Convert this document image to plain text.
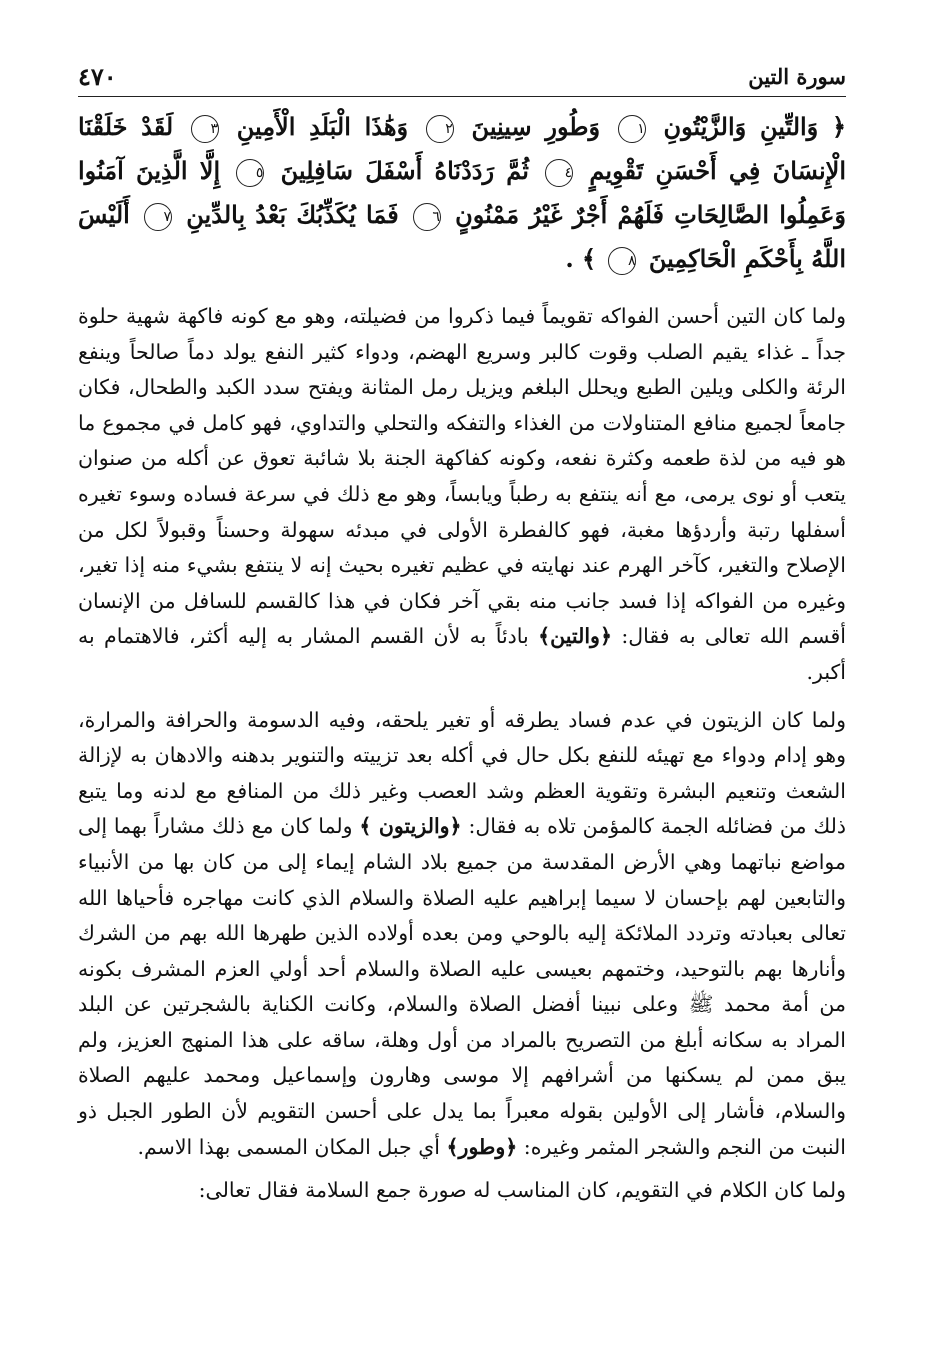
سورة التين
٤٧٠
﴿ وَالتِّينِ وَالزَّيْتُونِ ١ وَطُورِ سِينِينَ ٢ وَهَٰذَا الْبَلَدِ الْأَمِينِ ٣ لَقَدْ خَلَقْنَا الْإِنسَانَ فِي أَحْسَنِ تَقْوِيمٍ ٤ ثُمَّ رَدَدْنَاهُ أَسْفَلَ سَافِلِينَ ٥ إِلَّا الَّذِينَ آمَنُوا وَعَمِلُوا الصَّالِحَاتِ فَلَهُمْ أَجْرٌ غَيْرُ مَمْنُونٍ ٦ فَمَا يُكَذِّبُكَ بَعْدُ بِالدِّينِ ٧ أَلَيْسَ اللَّهُ بِأَحْكَمِ الْحَاكِمِينَ ٨ ﴾ .

ولما كان التين أحسن الفواكه تقويماً فيما ذكروا من فضيلته، وهو مع كونه فاكهة شهية حلوة جداً ـ غذاء يقيم الصلب وقوت كالبر وسريع الهضم، ودواء كثير النفع يولد دماً صالحاً وينفع الرئة والكلى ويلين الطبع ويحلل البلغم ويزيل رمل المثانة ويفتح سدد الكبد والطحال، فكان جامعاً لجميع منافع المتناولات من الغذاء والتفكه والتحلي والتداوي، فهو كامل في مجموع ما هو فيه من لذة طعمه وكثرة نفعه، وكونه كفاكهة الجنة بلا شائبة تعوق عن أكله من صنوان يتعب أو نوى يرمى، مع أنه ينتفع به رطباً ويابساً، وهو مع ذلك في سرعة فساده وسوء تغيره أسفلها رتبة وأردؤها مغبة، فهو كالفطرة الأولى في مبدئه سهولة وحسناً وقبولاً لكل من الإصلاح والتغير، كآخر الهرم عند نهايته في عظيم تغيره بحيث إنه لا ينتفع بشيء منه إذا تغير، وغيره من الفواكه إذا فسد جانب منه بقي آخر فكان في هذا كالقسم للسافل من الإنسان أقسم الله تعالى به فقال: ﴿والتين﴾ بادئاً به لأن القسم المشار به إليه أكثر، فالاهتمام به أكبر.

ولما كان الزيتون في عدم فساد يطرقه أو تغير يلحقه، وفيه الدسومة والحرافة والمرارة، وهو إدام ودواء مع تهيئه للنفع بكل حال في أكله بعد تزييته والتنوير بدهنه والادهان به لإزالة الشعث وتنعيم البشرة وتقوية العظم وشد العصب وغير ذلك من المنافع مع لدنه وما يتبع ذلك من فضائله الجمة كالمؤمن تلاه به فقال: ﴿والزيتون ﴾ ولما كان مع ذلك مشاراً بهما إلى مواضع نباتهما وهي الأرض المقدسة من جميع بلاد الشام إيماء إلى من كان بها من الأنبياء والتابعين لهم بإحسان لا سيما إبراهيم عليه الصلاة والسلام الذي كانت مهاجره فأحياها الله تعالى بعبادته وتردد الملائكة إليه بالوحي ومن بعده أولاده الذين طهرها الله بهم من الشرك وأنارها بهم بالتوحيد، وختمهم بعيسى عليه الصلاة والسلام أحد أولي العزم المشرف بكونه من أمة محمد ﷺ وعلى نبينا أفضل الصلاة والسلام، وكانت الكناية بالشجرتين عن البلد المراد به سكانه أبلغ من التصريح بالمراد من أول وهلة، ساقه على هذا المنهج العزيز، ولم يبق ممن لم يسكنها من أشرافهم إلا موسى وهارون وإسماعيل ومحمد عليهم الصلاة والسلام، فأشار إلى الأولين بقوله معبراً بما يدل على أحسن التقويم لأن الطور الجبل ذو النبت من النجم والشجر المثمر وغيره: ﴿وطور﴾ أي جبل المكان المسمى بهذا الاسم.

ولما كان الكلام في التقويم، كان المناسب له صورة جمع السلامة فقال تعالى:
